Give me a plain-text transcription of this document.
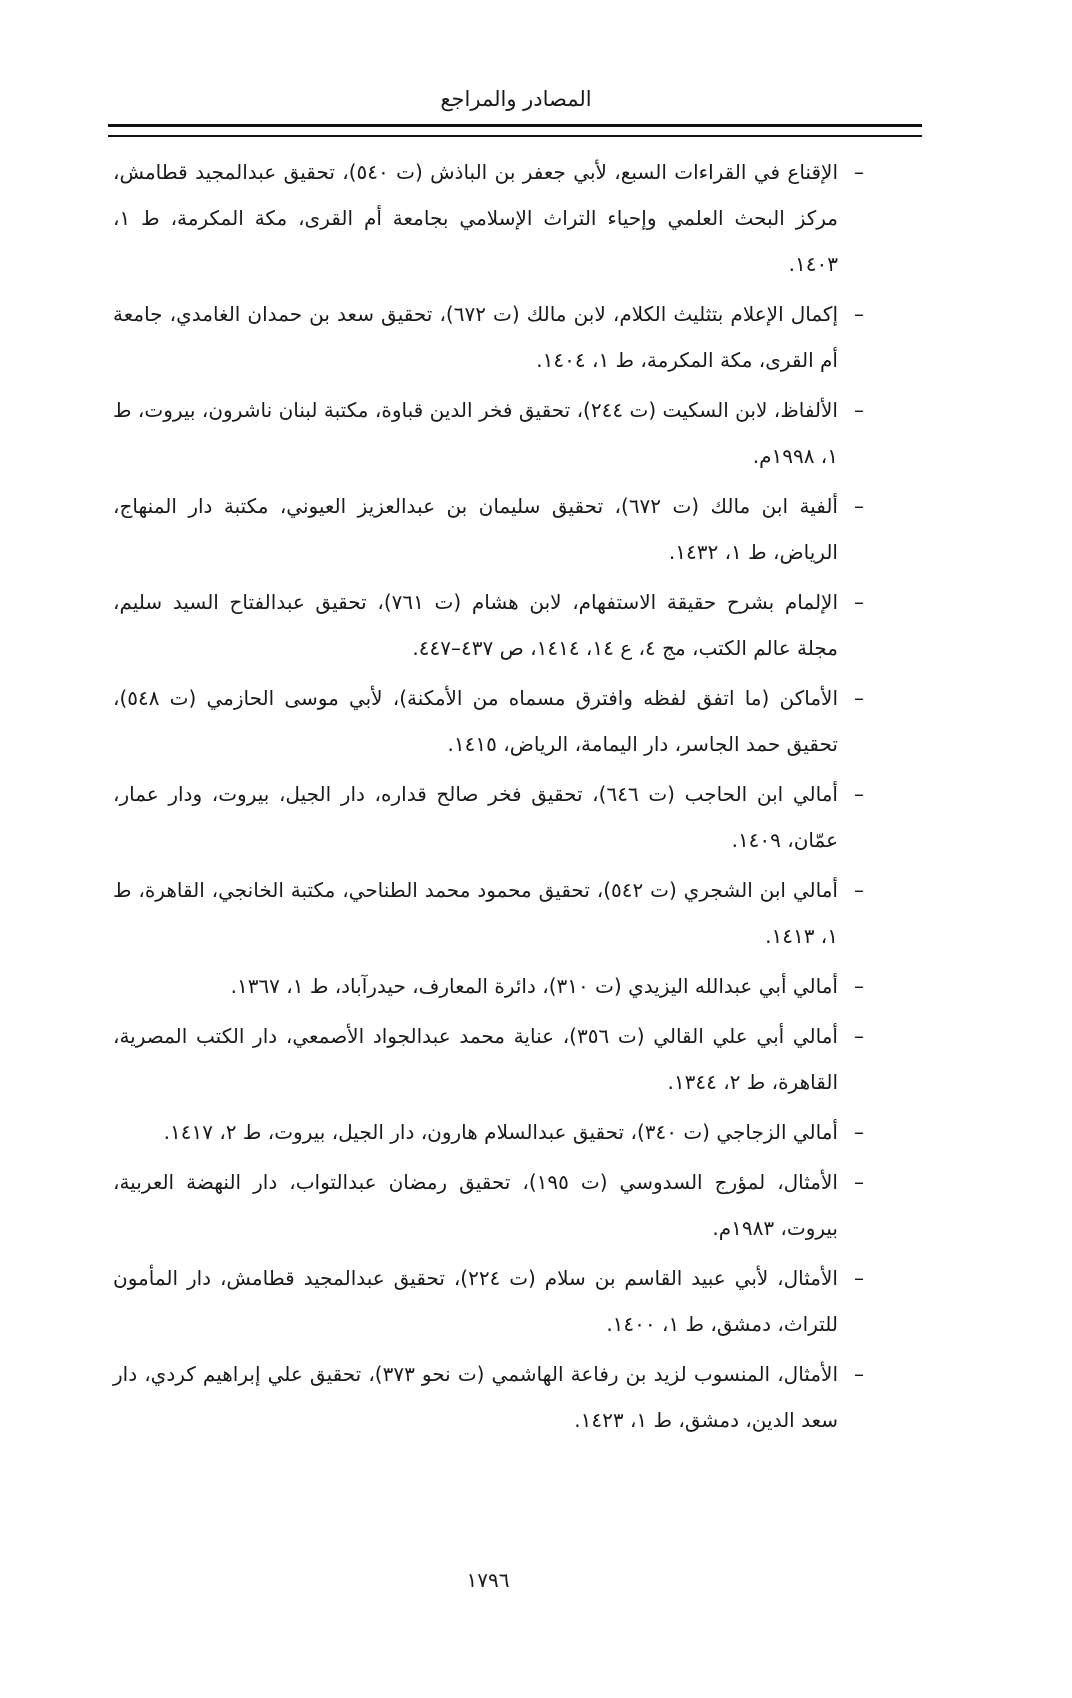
المصادر والمراجع
–
الإقناع في القراءات السبع، لأبي جعفر بن الباذش (ت ٥٤٠)، تحقيق عبدالمجيد قطامش، مركز البحث العلمي وإحياء التراث الإسلامي بجامعة أم القرى، مكة المكرمة، ط ١، ١٤٠٣.
–
إكمال الإعلام بتثليث الكلام، لابن مالك (ت ٦٧٢)، تحقيق سعد بن حمدان الغامدي، جامعة أم القرى، مكة المكرمة، ط ١، ١٤٠٤.
–
الألفاظ، لابن السكيت (ت ٢٤٤)، تحقيق فخر الدين قباوة، مكتبة لبنان ناشرون، بيروت، ط ١، ١٩٩٨م.
–
ألفية ابن مالك (ت ٦٧٢)، تحقيق سليمان بن عبدالعزيز العيوني، مكتبة دار المنهاج، الرياض، ط ١، ١٤٣٢.
–
الإلمام بشرح حقيقة الاستفهام، لابن هشام (ت ٧٦١)، تحقيق عبدالفتاح السيد سليم، مجلة عالم الكتب، مج ٤، ع ١٤، ١٤١٤، ص ٤٣٧–٤٤٧.
–
الأماكن (ما اتفق لفظه وافترق مسماه من الأمكنة)، لأبي موسى الحازمي (ت ٥٤٨)، تحقيق حمد الجاسر، دار اليمامة، الرياض، ١٤١٥.
–
أمالي ابن الحاجب (ت ٦٤٦)، تحقيق فخر صالح قداره، دار الجيل، بيروت، ودار عمار، عمّان، ١٤٠٩.
–
أمالي ابن الشجري (ت ٥٤٢)، تحقيق محمود محمد الطناحي، مكتبة الخانجي، القاهرة، ط ١، ١٤١٣.
–
أمالي أبي عبدالله اليزيدي (ت ٣١٠)، دائرة المعارف، حيدرآباد، ط ١، ١٣٦٧.
–
أمالي أبي علي القالي (ت ٣٥٦)، عناية محمد عبدالجواد الأصمعي، دار الكتب المصرية، القاهرة، ط ٢، ١٣٤٤.
–
أمالي الزجاجي (ت ٣٤٠)، تحقيق عبدالسلام هارون، دار الجيل، بيروت، ط ٢، ١٤١٧.
–
الأمثال، لمؤرج السدوسي (ت ١٩٥)، تحقيق رمضان عبدالتواب، دار النهضة العربية، بيروت، ١٩٨٣م.
–
الأمثال، لأبي عبيد القاسم بن سلام (ت ٢٢٤)، تحقيق عبدالمجيد قطامش، دار المأمون للتراث، دمشق، ط ١، ١٤٠٠.
–
الأمثال، المنسوب لزيد بن رفاعة الهاشمي (ت نحو ٣٧٣)، تحقيق علي إبراهيم كردي، دار سعد الدين، دمشق، ط ١، ١٤٢٣.
١٧٩٦
